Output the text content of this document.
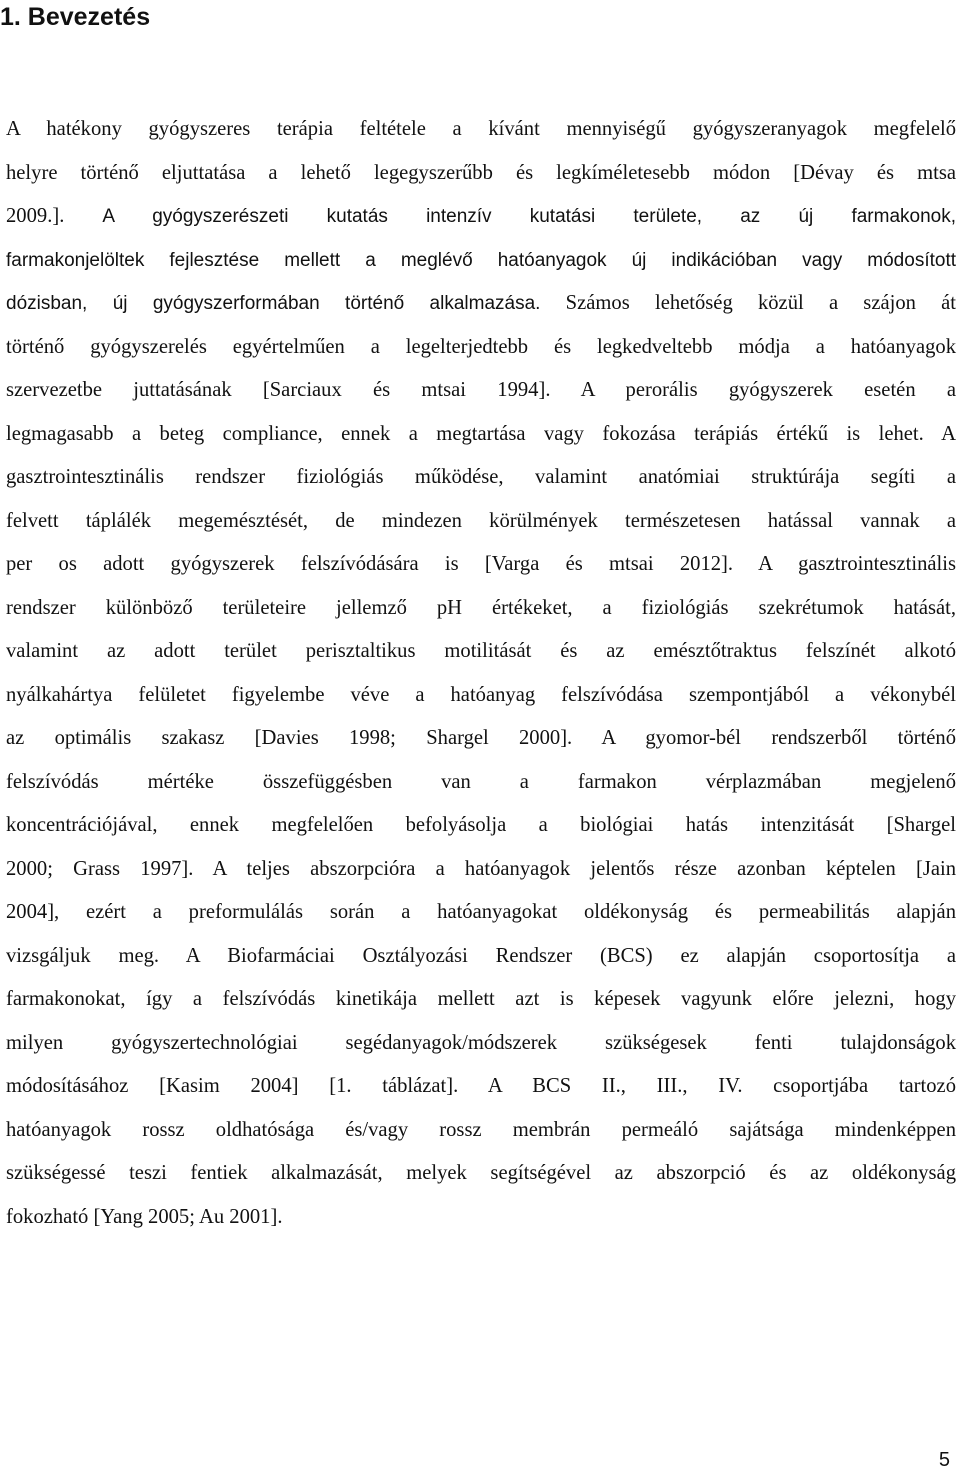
1. Bevezetés
A hatékony gyógyszeres terápia feltétele a kívánt mennyiségű gyógyszeranyagok megfelelő
helyre történő eljuttatása a lehető legegyszerűbb és legkíméletesebb módon [Dévay és mtsa
2009.]. A gyógyszerészeti kutatás intenzív kutatási területe, az új farmakonok,
farmakonjelöltek fejlesztése mellett a meglévő hatóanyagok új indikációban vagy módosított
dózisban, új gyógyszerformában történő alkalmazása. Számos lehetőség közül a szájon át
történő gyógyszerelés egyértelműen a legelterjedtebb és legkedveltebb módja a hatóanyagok
szervezetbe juttatásának [Sarciaux és mtsai 1994]. A perorális gyógyszerek esetén a
legmagasabb a beteg compliance, ennek a megtartása vagy fokozása terápiás értékű is lehet. A
gasztrointesztinális rendszer fiziológiás működése, valamint anatómiai struktúrája segíti a
felvett táplálék megemésztését, de mindezen körülmények természetesen hatással vannak a
per os adott gyógyszerek felszívódására is [Varga és mtsai 2012]. A gasztrointesztinális
rendszer különböző területeire jellemző pH értékeket, a fiziológiás szekrétumok hatását,
valamint az adott terület perisztaltikus motilitását és az emésztőtraktus felszínét alkotó
nyálkahártya felületet figyelembe véve a hatóanyag felszívódása szempontjából a vékonybél
az optimális szakasz [Davies 1998; Shargel 2000]. A gyomor-bél rendszerből történő
felszívódás mértéke összefüggésben van a farmakon vérplazmában megjelenő
koncentrációjával, ennek megfelelően befolyásolja a biológiai hatás intenzitását [Shargel
2000; Grass 1997]. A teljes abszorpcióra a hatóanyagok jelentős része azonban képtelen [Jain
2004], ezért a preformulálás során a hatóanyagokat oldékonyság és permeabilitás alapján
vizsgáljuk meg. A Biofarmáciai Osztályozási Rendszer (BCS) ez alapján csoportosítja a
farmakonokat, így a felszívódás kinetikája mellett azt is képesek vagyunk előre jelezni, hogy
milyen gyógyszertechnológiai segédanyagok/módszerek szükségesek fenti tulajdonságok
módosításához [Kasim 2004] [1. táblázat]. A BCS II., III., IV. csoportjába tartozó
hatóanyagok rossz oldhatósága és/vagy rossz membrán permeáló sajátsága mindenképpen
szükségessé teszi fentiek alkalmazását, melyek segítségével az abszorpció és az oldékonyság
fokozható [Yang 2005; Au 2001].
5
